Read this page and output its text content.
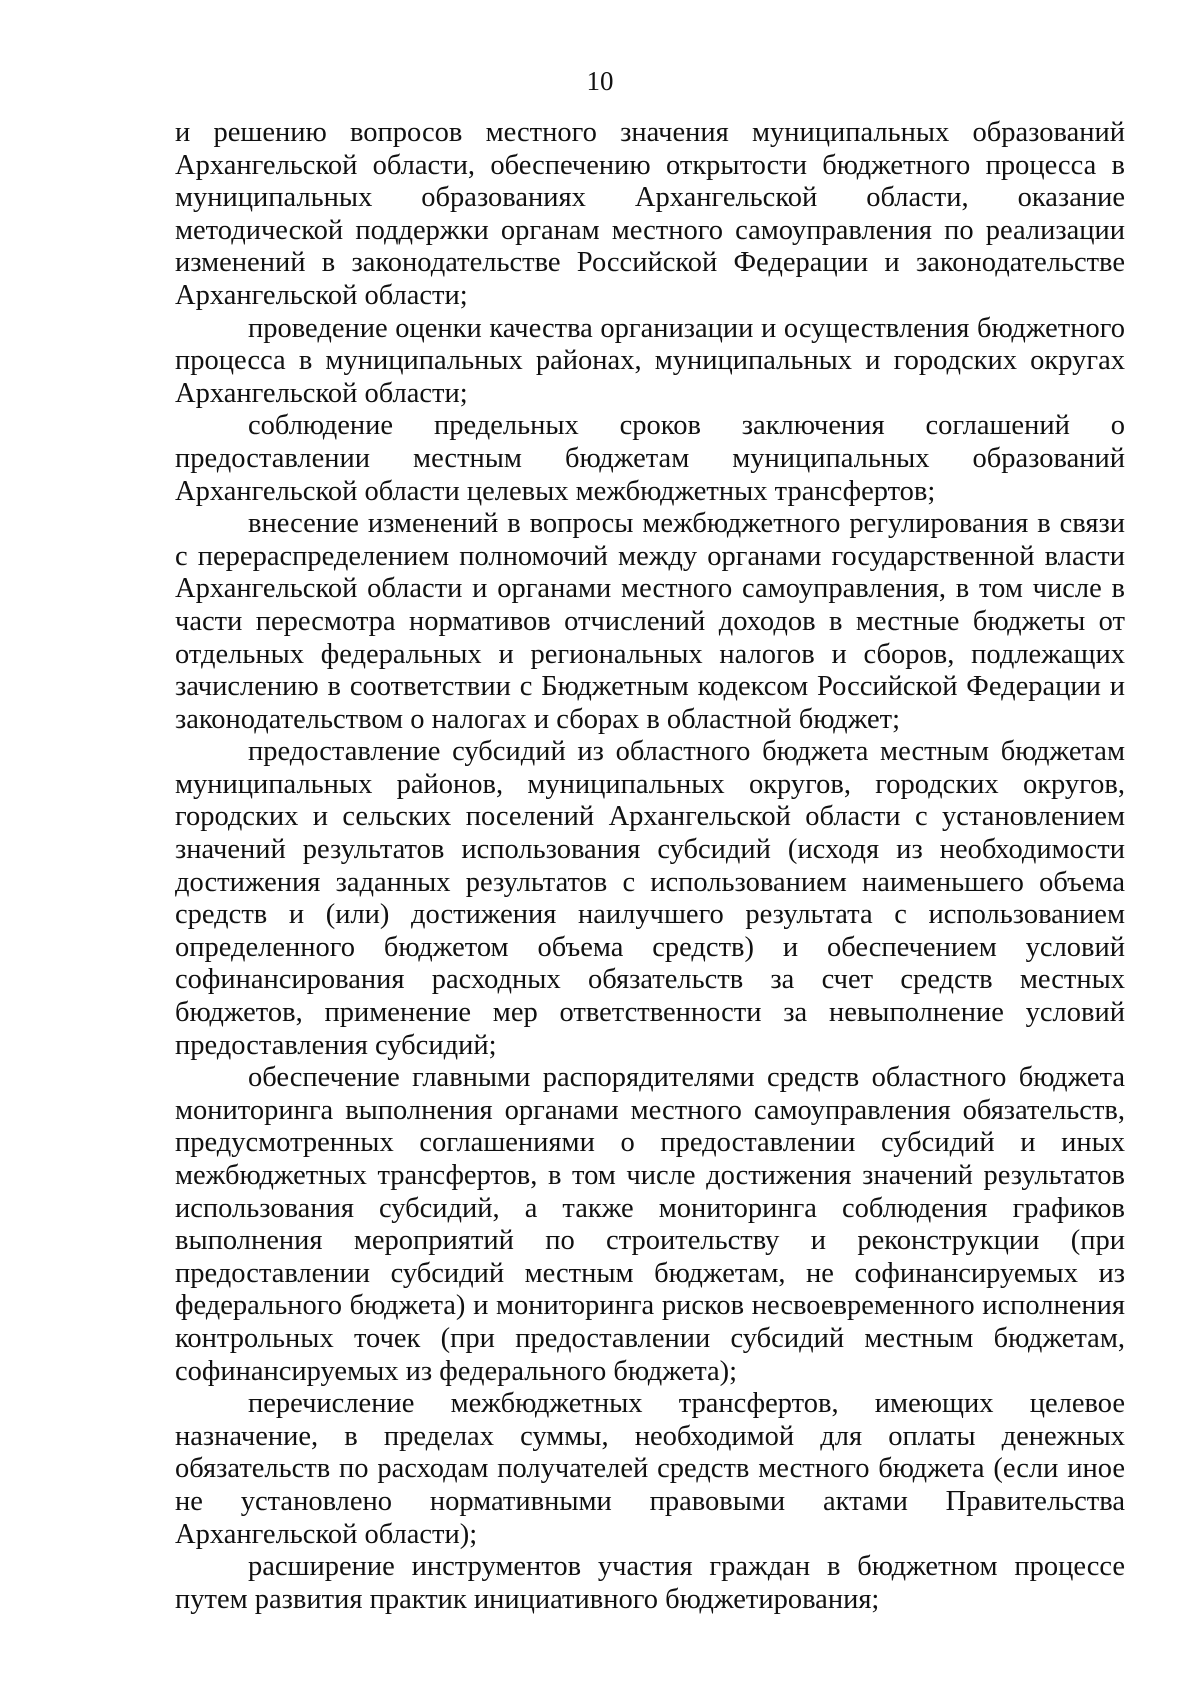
10

и решению вопросов местного значения муниципальных образований Архангельской области, обеспечению открытости бюджетного процесса в муниципальных образованиях Архангельской области, оказание методической поддержки органам местного самоуправления по реализации изменений в законодательстве Российской Федерации и законодательстве Архангельской области;

проведение оценки качества организации и осуществления бюджетного процесса в муниципальных районах, муниципальных и городских округах Архангельской области;

соблюдение предельных сроков заключения соглашений о предоставлении местным бюджетам муниципальных образований Архангельской области целевых межбюджетных трансфертов;

внесение изменений в вопросы межбюджетного регулирования в связи с перераспределением полномочий между органами государственной власти Архангельской области и органами местного самоуправления, в том числе в части пересмотра нормативов отчислений доходов в местные бюджеты от отдельных федеральных и региональных налогов и сборов, подлежащих зачислению в соответствии с Бюджетным кодексом Российской Федерации и законодательством о налогах и сборах в областной бюджет;

предоставление субсидий из областного бюджета местным бюджетам муниципальных районов, муниципальных округов, городских округов, городских и сельских поселений Архангельской области с установлением значений результатов использования субсидий (исходя из необходимости достижения заданных результатов с использованием наименьшего объема средств и (или) достижения наилучшего результата с использованием определенного бюджетом объема средств) и обеспечением условий софинансирования расходных обязательств за счет средств местных бюджетов, применение мер ответственности за невыполнение условий предоставления субсидий;

обеспечение главными распорядителями средств областного бюджета мониторинга выполнения органами местного самоуправления обязательств, предусмотренных соглашениями о предоставлении субсидий и иных межбюджетных трансфертов, в том числе достижения значений результатов использования субсидий, а также мониторинга соблюдения графиков выполнения мероприятий по строительству и реконструкции (при предоставлении субсидий местным бюджетам, не софинансируемых из федерального бюджета) и мониторинга рисков несвоевременного исполнения контрольных точек (при предоставлении субсидий местным бюджетам, софинансируемых из федерального бюджета);

перечисление межбюджетных трансфертов, имеющих целевое назначение, в пределах суммы, необходимой для оплаты денежных обязательств по расходам получателей средств местного бюджета (если иное не установлено нормативными правовыми актами Правительства Архангельской области);

расширение инструментов участия граждан в бюджетном процессе путем развития практик инициативного бюджетирования;
